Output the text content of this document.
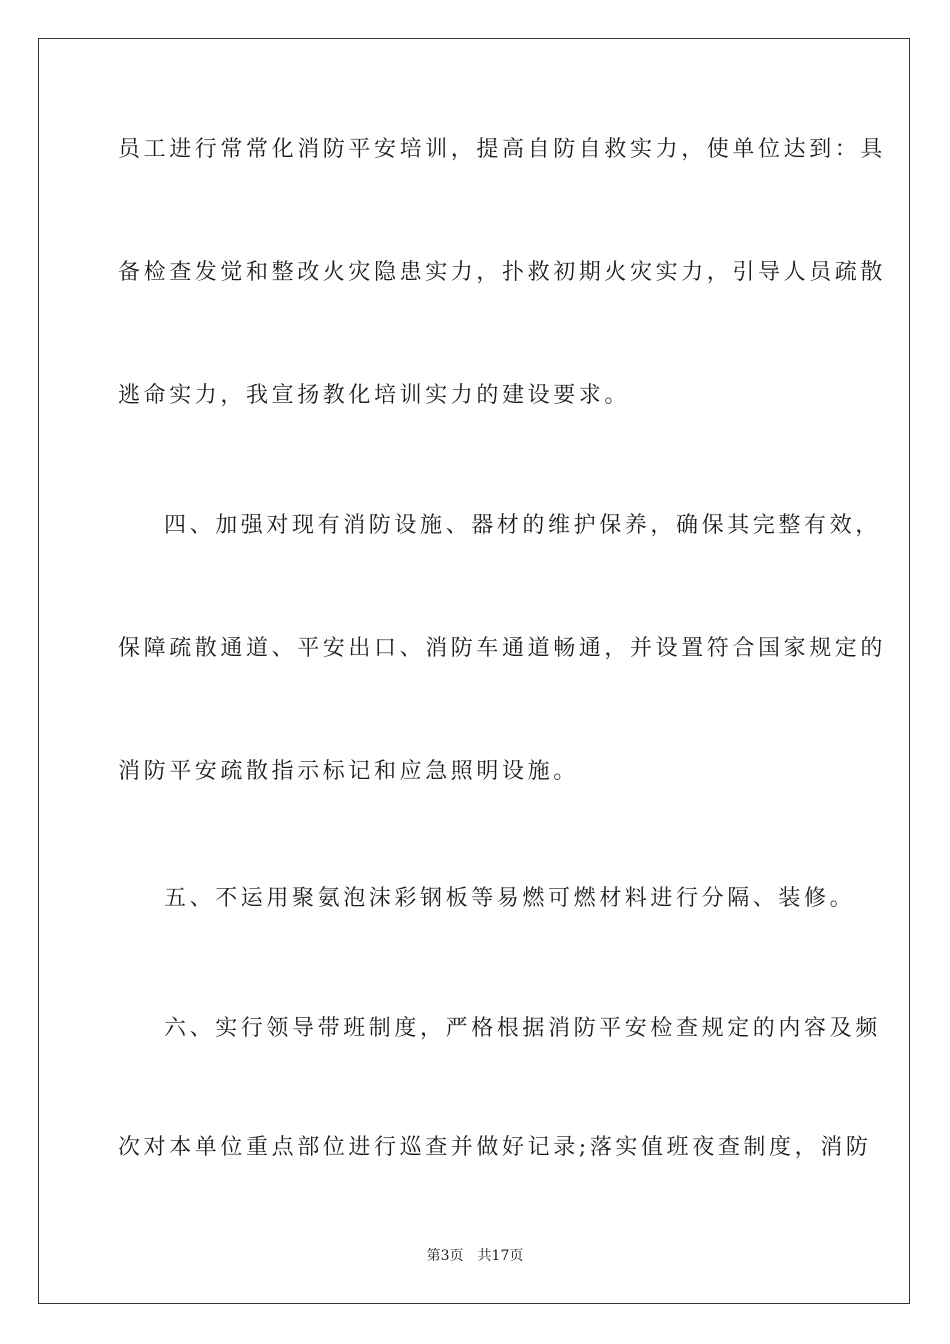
员工进行常常化消防平安培训，提高自防自救实力，使单位达到：具
备检查发觉和整改火灾隐患实力，扑救初期火灾实力，引导人员疏散
逃命实力，我宣扬教化培训实力的建设要求。
四、加强对现有消防设施、器材的维护保养，确保其完整有效，
保障疏散通道、平安出口、消防车通道畅通，并设置符合国家规定的
消防平安疏散指示标记和应急照明设施。
五、不运用聚氨泡沫彩钢板等易燃可燃材料进行分隔、装修。
六、实行领导带班制度，严格根据消防平安检查规定的内容及频
次对本单位重点部位进行巡查并做好记录;落实值班夜查制度，消防
第3页　共17页
